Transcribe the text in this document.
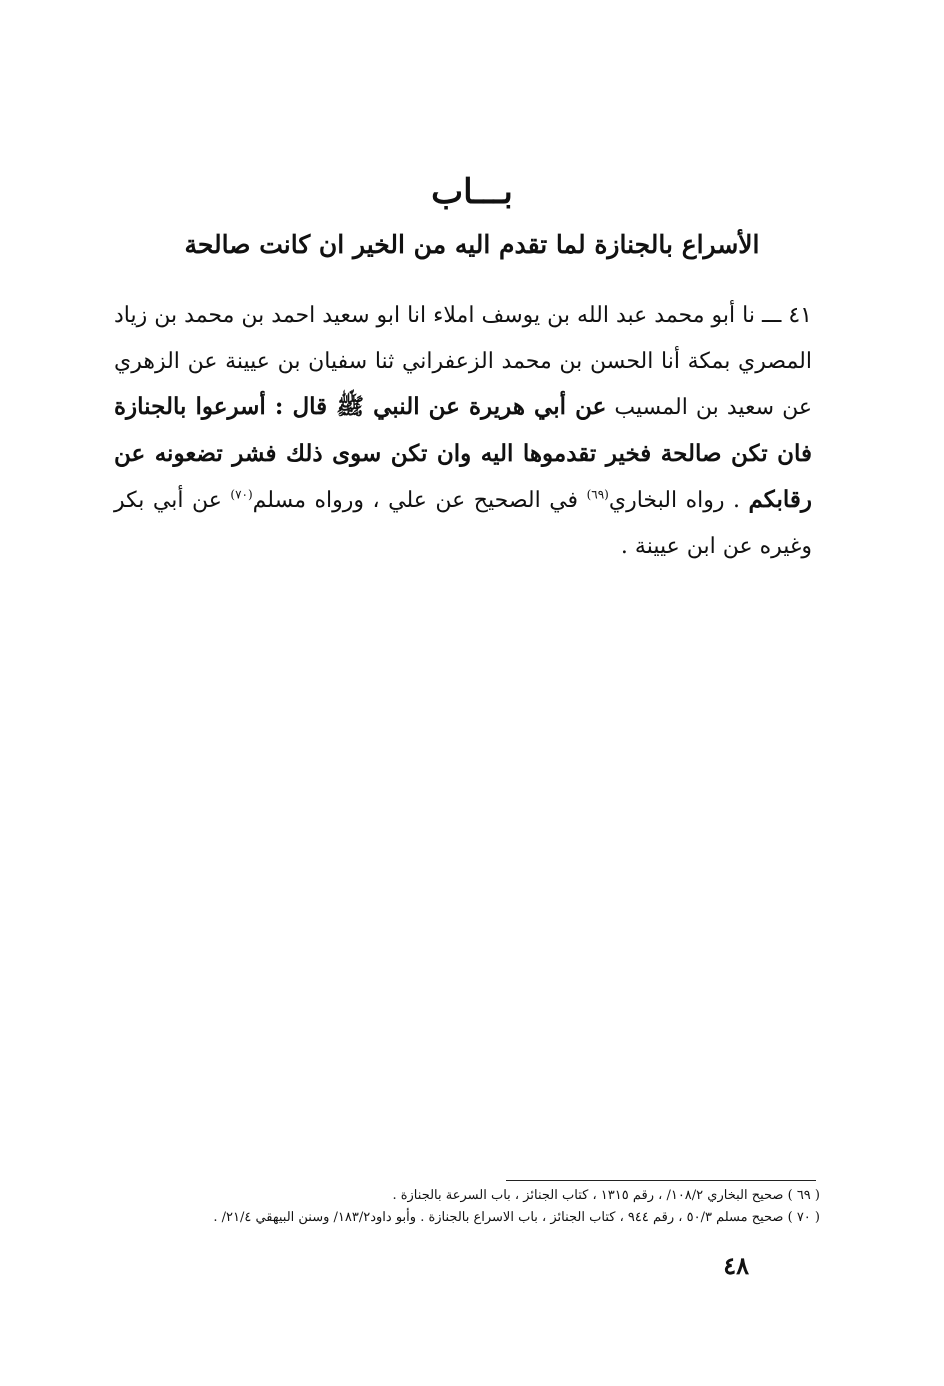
بـــاب
الأسراع بالجنازة لما تقدم اليه من الخير ان كانت صالحة
٤١ ـــ نا أبو محمد عبد الله بن يوسف املاء انا ابو سعيد احمد بن محمد بن زياد المصري بمكة أنا الحسن بن محمد الزعفراني ثنا سفيان بن عيينة عن الزهري عن سعيد بن المسيب عن أبي هريرة عن النبي ﷺ قال : أسرعوا بالجنازة فان تكن صالحة فخير تقدموها اليه وان تكن سوى ذلك فشر تضعونه عن رقابكم . رواه البخاري$^{(٦٩)}$ في الصحيح عن علي ، ورواه مسلم$^{(٧٠)}$ عن أبي بكر وغيره عن ابن عيينة .
( ٦٩ ) صحيح البخاري ١٠٨/٢/ ، رقم ١٣١٥ ، كتاب الجنائز ، باب السرعة بالجنازة .
( ٧٠ ) صحيح مسلم ٥٠/٣ ، رقم ٩٤٤ ، كتاب الجنائز ، باب الاسراع بالجنازة . وأبو داود١٨٣/٢/ وسنن البيهقي ٢١/٤/ .
٤٨
